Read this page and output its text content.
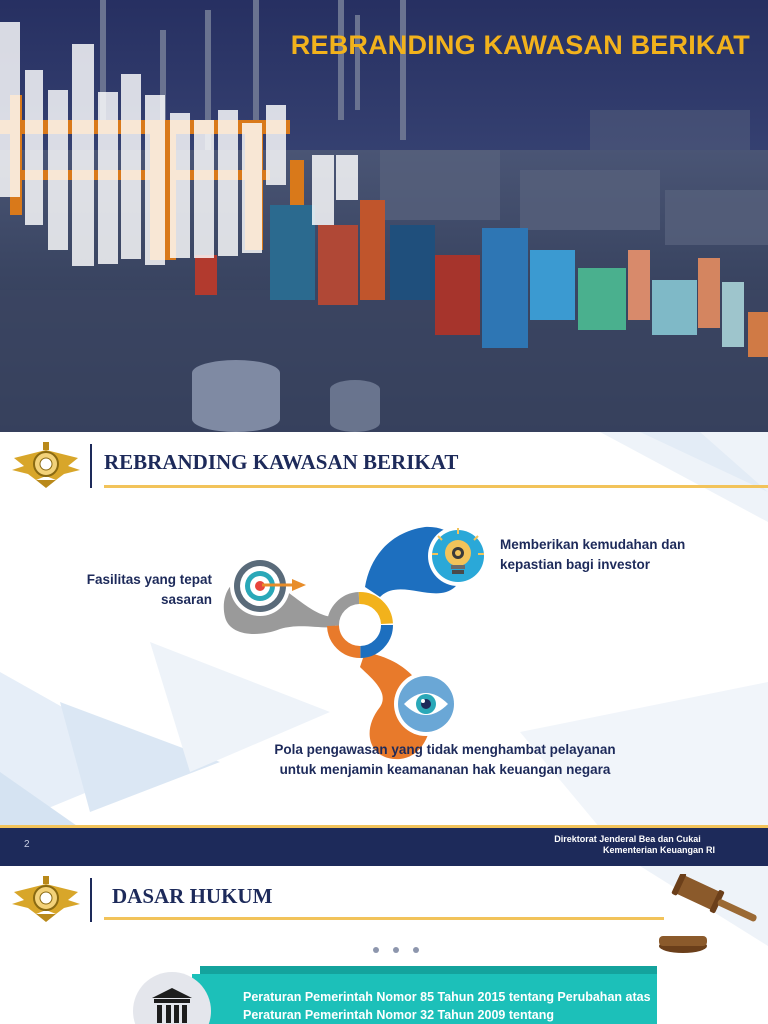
REBRANDING KAWASAN BERIKAT
REBRANDING KAWASAN BERIKAT
Fasilitas yang tepat sasaran
Memberikan kemudahan dan kepastian bagi investor
Pola pengawasan yang tidak menghambat pelayanan untuk menjamin keamananan hak keuangan negara
2	Direktorat Jenderal Bea dan Cukai
Kementerian Keuangan RI
DASAR HUKUM
Peraturan Pemerintah Nomor 85 Tahun 2015 tentang Perubahan atas Peraturan Pemerintah Nomor 32 Tahun 2009 tentang
